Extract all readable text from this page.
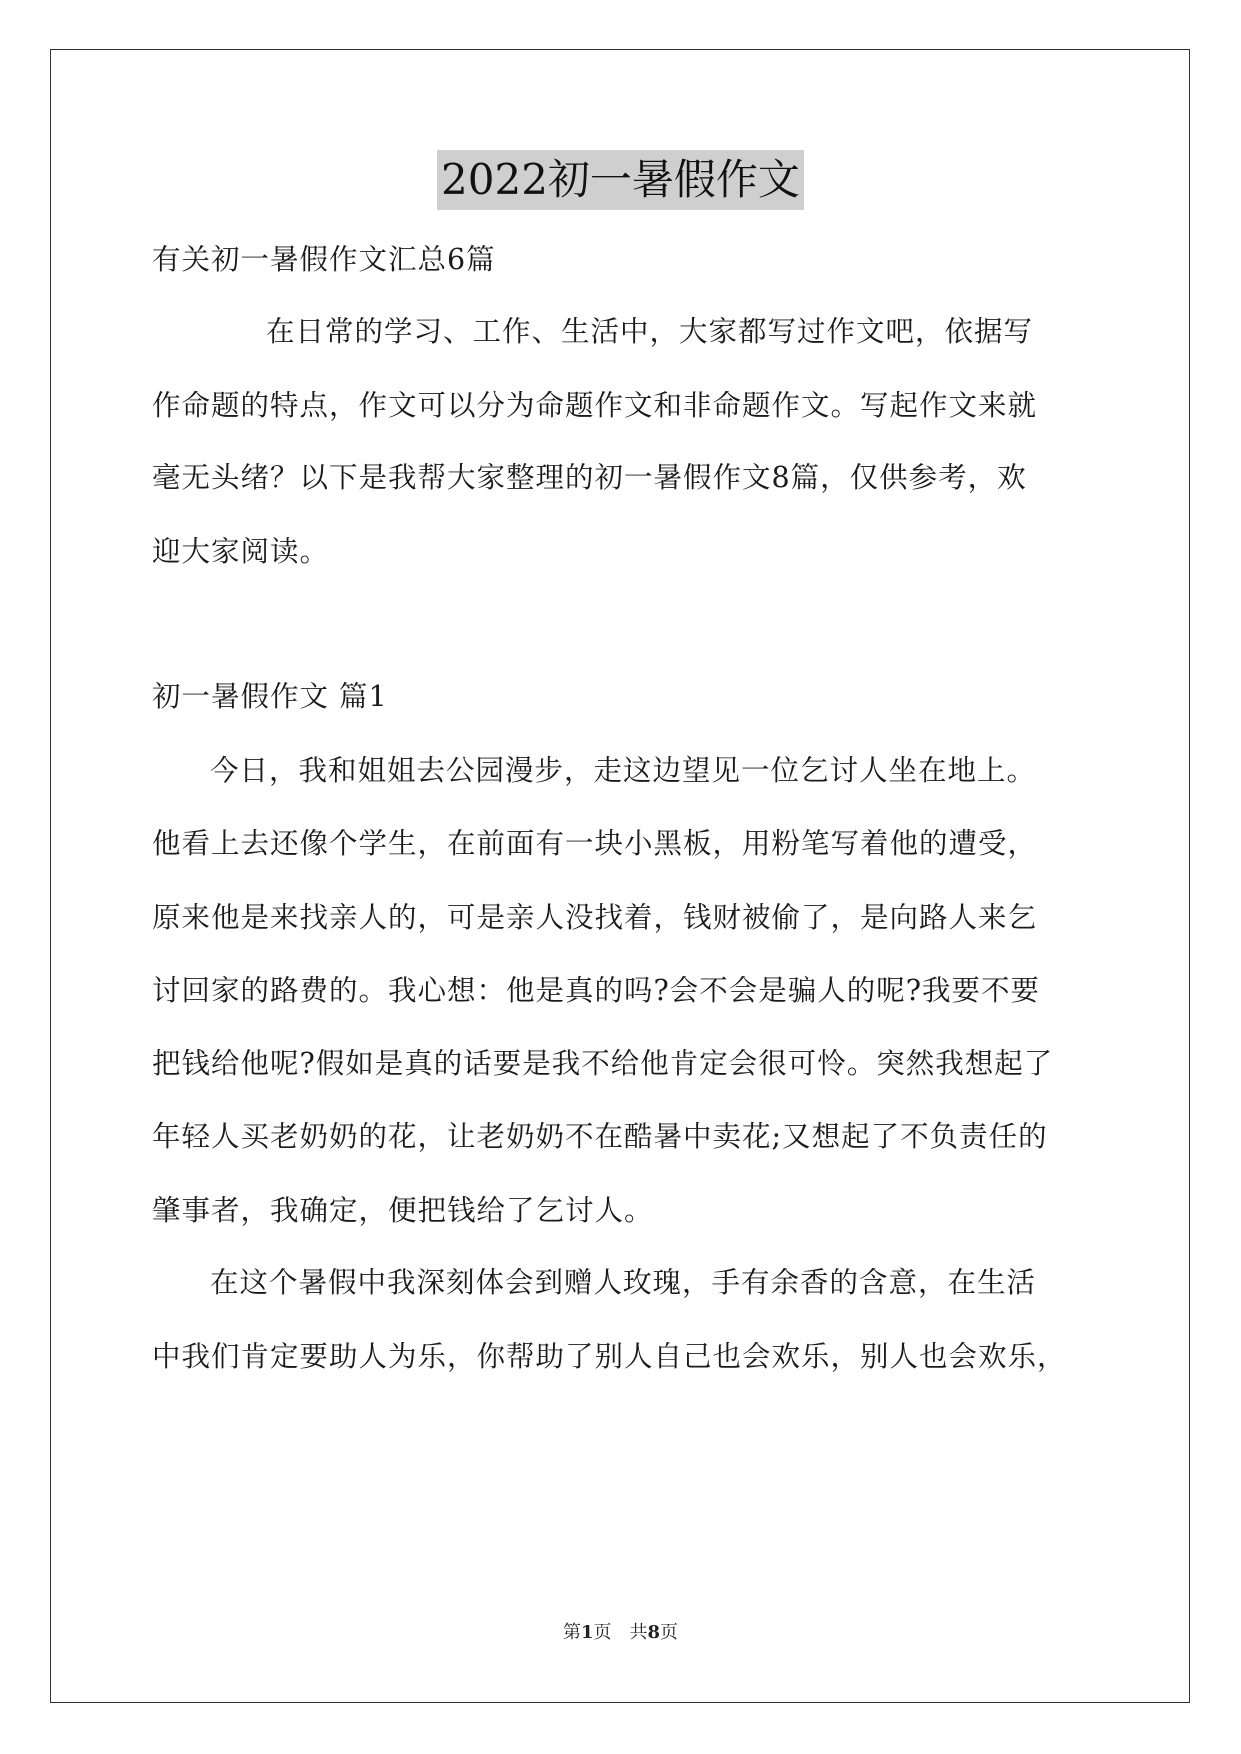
2022初一暑假作文
有关初一暑假作文汇总6篇
在日常的学习、工作、生活中，大家都写过作文吧，依据写
作命题的特点，作文可以分为命题作文和非命题作文。写起作文来就
毫无头绪？以下是我帮大家整理的初一暑假作文8篇，仅供参考，欢
迎大家阅读。
初一暑假作文 篇1
今日，我和姐姐去公园漫步，走这边望见一位乞讨人坐在地上。
他看上去还像个学生，在前面有一块小黑板，用粉笔写着他的遭受，
原来他是来找亲人的，可是亲人没找着，钱财被偷了，是向路人来乞
讨回家的路费的。我心想：他是真的吗?会不会是骗人的呢?我要不要
把钱给他呢?假如是真的话要是我不给他肯定会很可怜。突然我想起了
年轻人买老奶奶的花，让老奶奶不在酷暑中卖花;又想起了不负责任的
肇事者，我确定，便把钱给了乞讨人。
在这个暑假中我深刻体会到赠人玫瑰，手有余香的含意，在生活
中我们肯定要助人为乐，你帮助了别人自己也会欢乐，别人也会欢乐，
第1页　共8页
